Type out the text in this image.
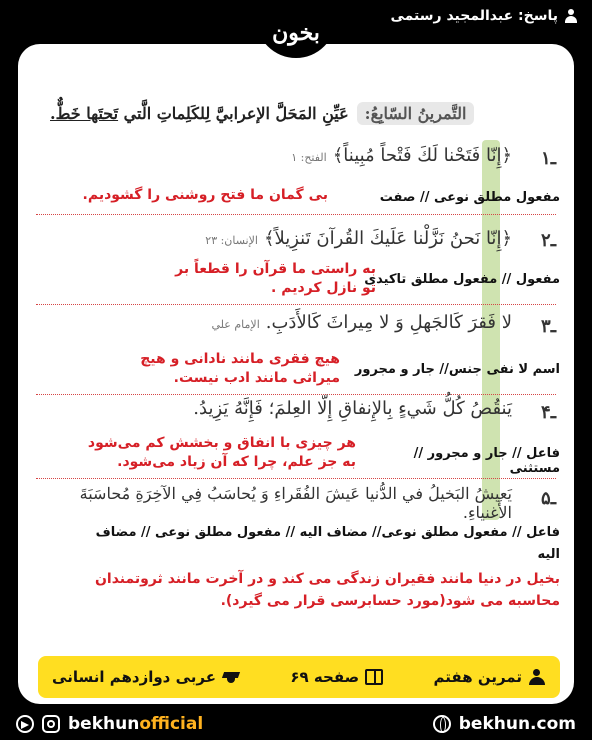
پاسخ: عبدالمجید رستمی
بخون
التَّمرينُ السّابِعُ:
عَيِّنِ المَحَلَّ الإعرابيَّ لِلكَلِماتِ الَّتي

تَحتَها خَطٌّ.
۱ـ
﴿إِنّا فَتَحْنا لَكَ فَتْحاً مُبِيناً﴾الفتح: ۱
مفعول مطلق نوعی // صفت
بی گمان ما فتح روشنی را گشودیم.
۲ـ
﴿إِنّا نَحنُ نَزَّلْنا عَلَيكَ القُرآنَ تَنزِيلاً﴾الإنسان: ۲۳
مفعول // مفعول مطلق تاکیدی
به راستی ما قرآن را قطعاً بر
تو نازل کردیم .
۳ـ
لا فَقرَ كَالجَهلِ وَ لا مِيراثَ كَالأَدَبِ.الإمام علي
اسم لا نفی جنس// جار و مجرور
هیچ فقری مانند نادانی و هیچ
میراثی مانند ادب نیست.
۴ـ
يَنقُصُ كُلُّ شَيءٍ بِالإِنفاقِ إِلّا العِلمَ؛ فَإِنَّهُ يَزِيدُ.
فاعل // جار و مجرور // مستثنی
هر چیزی با انفاق و بخشش کم می‌شود
به جز علم، چرا که آن زیاد می‌شود.
۵ـ
يَعيشُ البَخيلُ في الدُّنيا عَيشَ الفُقَراءِ وَ يُحاسَبُ فِي الآخِرَةِ مُحاسَبَةَ الأَغنياءِ.
فاعل // مفعول مطلق نوعی// مضاف الیه // مفعول مطلق نوعی // مضاف
الیه
بخیل در دنیا مانند فقیران زندگی می کند و در آخرت مانند ثروتمندان
محاسبه می شود(مورد حسابرسی قرار می گیرد).
تمرین هفتم
صفحه ۶۹
عربی دوازدهم انسانی
bekhunofficial	bekhun.com
